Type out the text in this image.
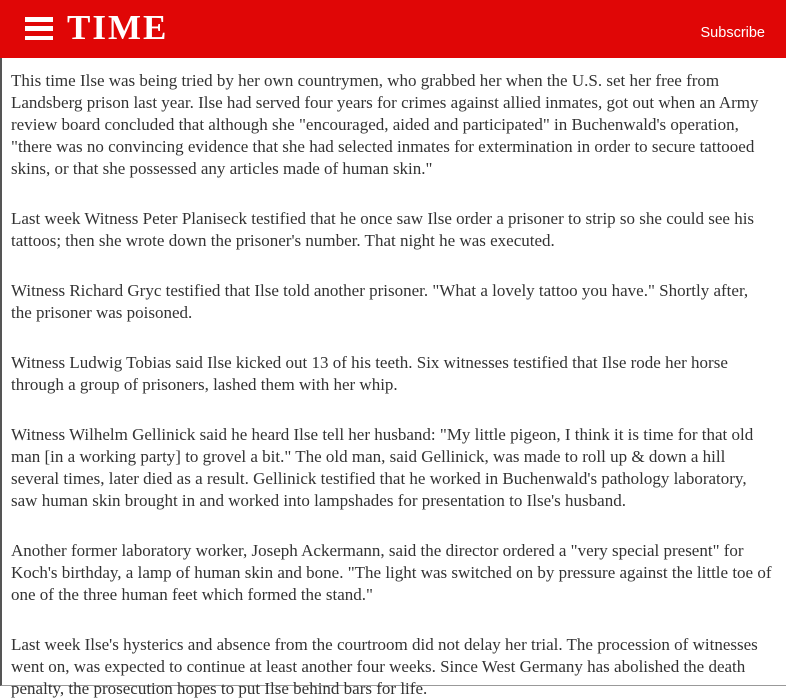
TIME	Subscribe

This time Ilse was being tried by her own countrymen, who grabbed her when the U.S. set her free from Landsberg prison last year. Ilse had served four years for crimes against allied inmates, got out when an Army review board concluded that although she "encouraged, aided and participated" in Buchenwald's operation, "there was no convincing evidence that she had selected inmates for extermination in order to secure tattooed skins, or that she possessed any articles made of human skin."

Last week Witness Peter Planiseck testified that he once saw Ilse order a prisoner to strip so she could see his tattoos; then she wrote down the prisoner's number. That night he was executed.

Witness Richard Gryc testified that Ilse told another prisoner. "What a lovely tattoo you have." Shortly after, the prisoner was poisoned.

Witness Ludwig Tobias said Ilse kicked out 13 of his teeth. Six witnesses testified that Ilse rode her horse through a group of prisoners, lashed them with her whip.

Witness Wilhelm Gellinick said he heard Ilse tell her husband: "My little pigeon, I think it is time for that old man [in a working party] to grovel a bit." The old man, said Gellinick, was made to roll up & down a hill several times, later died as a result. Gellinick testified that he worked in Buchenwald's pathology laboratory, saw human skin brought in and worked into lampshades for presentation to Ilse's husband.

Another former laboratory worker, Joseph Ackermann, said the director ordered a "very special present" for Koch's birthday, a lamp of human skin and bone. "The light was switched on by pressure against the little toe of one of the three human feet which formed the stand."

Last week Ilse's hysterics and absence from the courtroom did not delay her trial. The procession of witnesses went on, was expected to continue at least another four weeks. Since West Germany has abolished the death penalty, the prosecution hopes to put Ilse behind bars for life.
